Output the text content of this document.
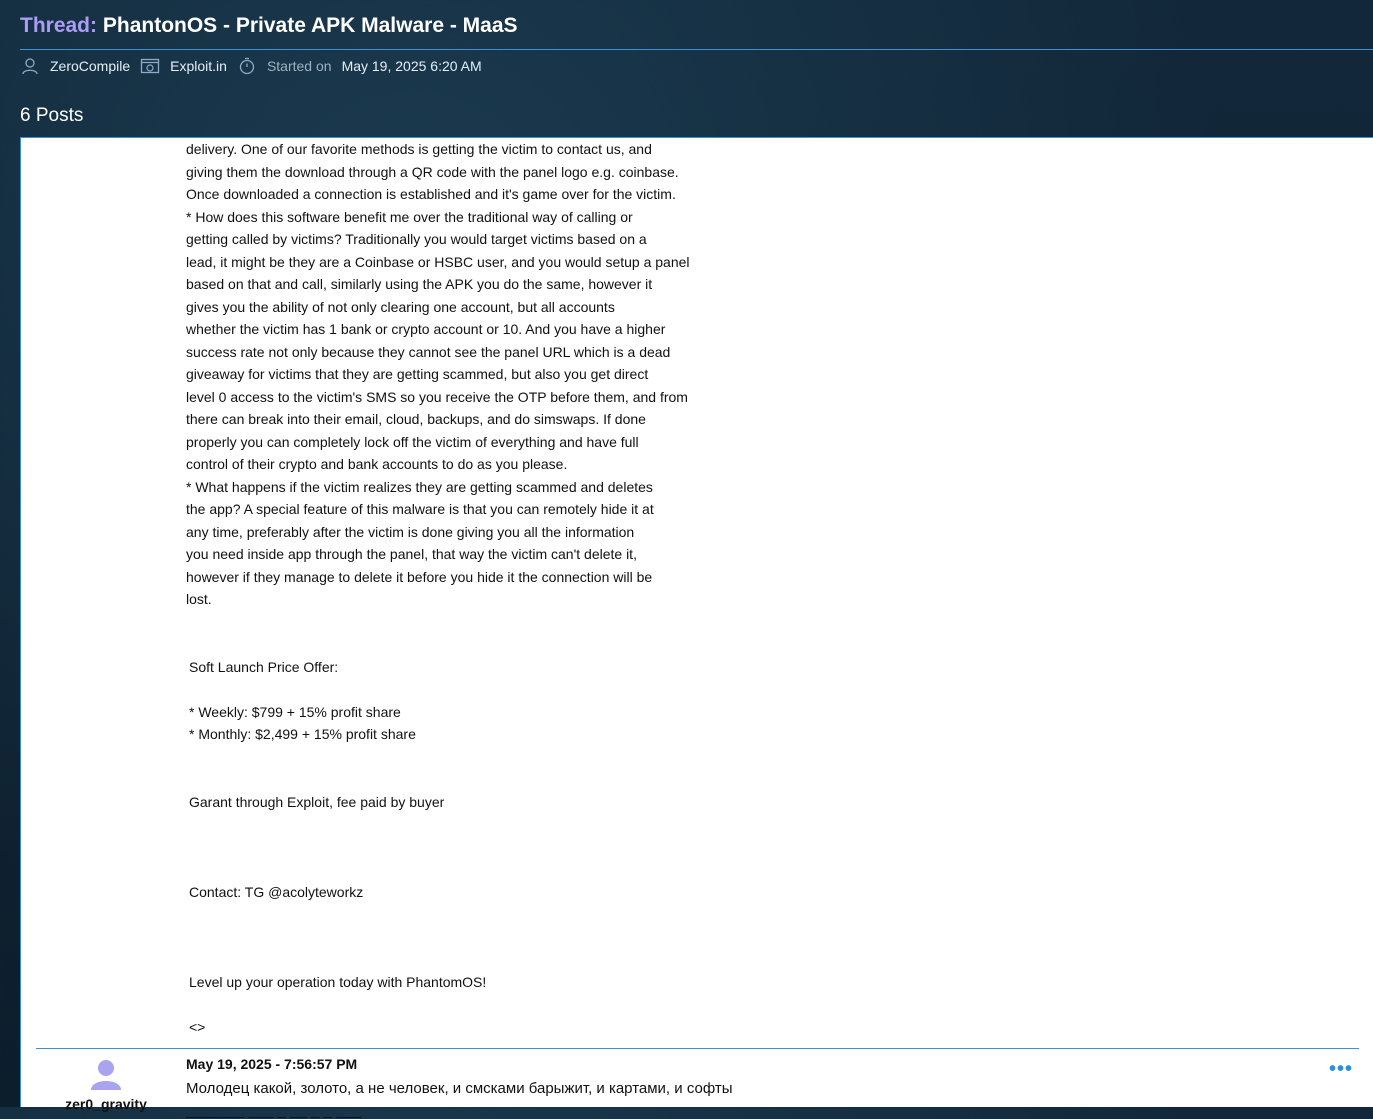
Thread: PhantonOS - Private APK Malware - MaaS
ZeroCompile	Exploit.in	Started on May 19, 2025 6:20 AM
6 Posts

delivery. One of our favorite methods is getting the victim to contact us, and

giving them the download through a QR code with the panel logo e.g. coinbase.

Once downloaded a connection is established and it's game over for the victim.

* How does this software benefit me over the traditional way of calling or

getting called by victims? Traditionally you would target victims based on a

lead, it might be they are a Coinbase or HSBC user, and you would setup a panel

based on that and call, similarly using the APK you do the same, however it

gives you the ability of not only clearing one account, but all accounts

whether the victim has 1 bank or crypto account or 10. And you have a higher

success rate not only because they cannot see the panel URL which is a dead

giveaway for victims that they are getting scammed, but also you get direct

level 0 access to the victim's SMS so you receive the OTP before them, and from

there can break into their email, cloud, backups, and do simswaps. If done

properly you can completely lock off the victim of everything and have full

control of their crypto and bank accounts to do as you please.

* What happens if the victim realizes they are getting scammed and deletes

the app? A special feature of this malware is that you can remotely hide it at

any time, preferably after the victim is done giving you all the information

you need inside app through the panel, that way the victim can't delete it,

however if they manage to delete it before you hide it the connection will be

lost.

Soft Launch Price Offer:

* Weekly: $799 + 15% profit share

* Monthly: $2,499 + 15% profit share

Garant through Exploit, fee paid by buyer

Contact: TG @acolyteworkz

Level up your operation today with PhantomOS!

<>

zer0_gravity
May 19, 2025 - 7:56:57 PM
Молодец какой, золото, а не человек, и смсками барыжит, и картами, и софты
_______ ___ _ __ _ _ ___
•••
